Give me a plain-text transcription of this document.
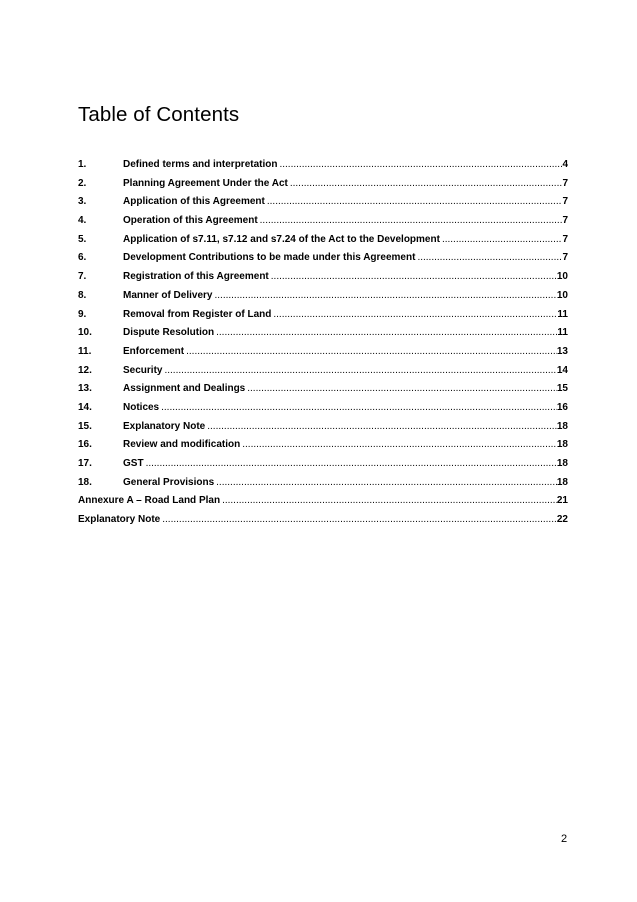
Table of Contents
1.	Defined terms and interpretation .....	4
2.	Planning Agreement Under the Act .....	7
3.	Application of this Agreement .....	7
4.	Operation of this Agreement .....	7
5.	Application of s7.11, s7.12 and s7.24 of the Act to the Development .....	7
6.	Development Contributions to be made under this Agreement .....	7
7.	Registration of this Agreement .....	10
8.	Manner of Delivery .....	10
9.	Removal from Register of Land .....	11
10.	Dispute Resolution .....	11
11.	Enforcement .....	13
12.	Security .....	14
13.	Assignment and Dealings .....	15
14.	Notices .....	16
15.	Explanatory Note .....	18
16.	Review and modification .....	18
17.	GST .....	18
18.	General Provisions .....	18
Annexure A – Road Land Plan .....	21
Explanatory Note .....	22
2
